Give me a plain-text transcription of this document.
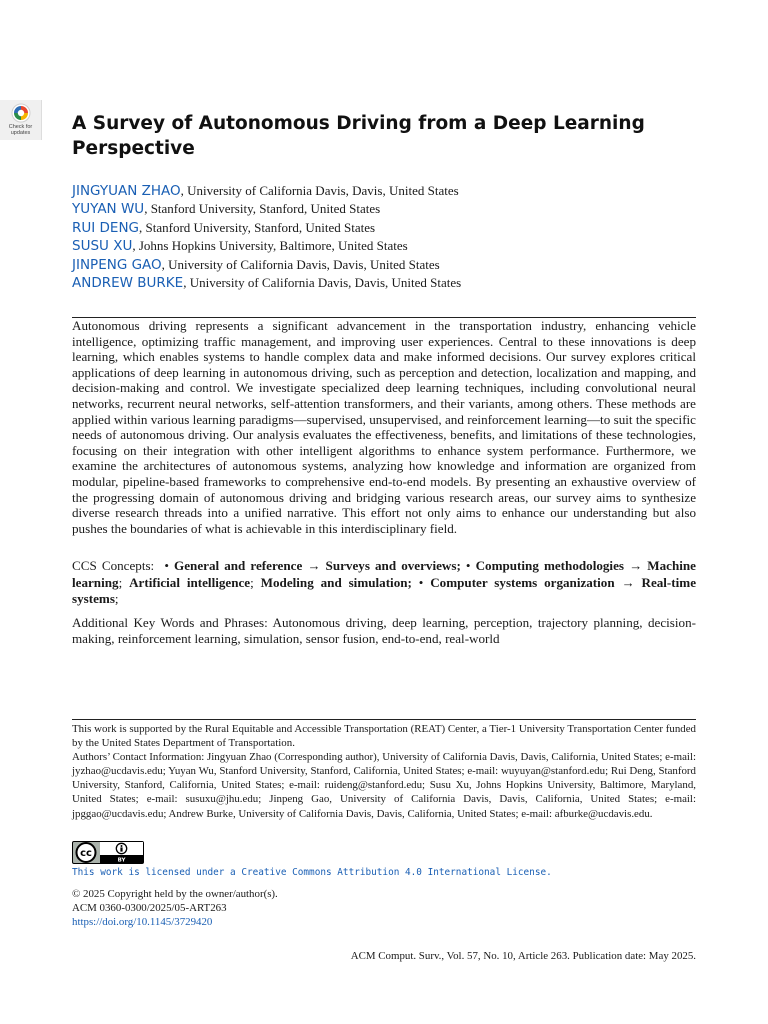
Check for updates	A Survey of Autonomous Driving from a Deep Learning Perspective
JINGYUAN ZHAO, University of California Davis, Davis, United States
YUYAN WU, Stanford University, Stanford, United States
RUI DENG, Stanford University, Stanford, United States
SUSU XU, Johns Hopkins University, Baltimore, United States
JINPENG GAO, University of California Davis, Davis, United States
ANDREW BURKE, University of California Davis, Davis, United States

Autonomous driving represents a significant advancement in the transportation industry, enhancing vehicle intelligence, optimizing traffic management, and improving user experiences. Central to these innovations is deep learning, which enables systems to handle complex data and make informed decisions. Our survey explores critical applications of deep learning in autonomous driving, such as perception and detection, localization and mapping, and decision-making and control. We investigate specialized deep learning techniques, including convolutional neural networks, recurrent neural networks, self-attention transformers, and their variants, among others. These methods are applied within various learning paradigms—supervised, unsupervised, and reinforcement learning—to suit the specific needs of autonomous driving. Our analysis evaluates the effectiveness, benefits, and limitations of these technologies, focusing on their integration with other intelligent algorithms to enhance system performance. Furthermore, we examine the architectures of autonomous systems, analyzing how knowledge and information are organized from modular, pipeline-based frameworks to comprehensive end-to-end models. By presenting an exhaustive overview of the progressing domain of autonomous driving and bridging various research areas, our survey aims to synthesize diverse research threads into a unified narrative. This effort not only aims to enhance our understanding but also pushes the boundaries of what is achievable in this interdisciplinary field.

CCS Concepts:  • General and reference → Surveys and overviews; • Computing methodologies → Machine learning; Artificial intelligence; Modeling and simulation; • Computer systems organization → Real-time systems;

Additional Key Words and Phrases: Autonomous driving, deep learning, perception, trajectory planning, decision-making, reinforcement learning, simulation, sensor fusion, end-to-end, real-world

This work is supported by the Rural Equitable and Accessible Transportation (REAT) Center, a Tier-1 University Transportation Center funded by the United States Department of Transportation.

Authors’ Contact Information: Jingyuan Zhao (Corresponding author), University of California Davis, Davis, California, United States; e-mail: jyzhao@ucdavis.edu; Yuyan Wu, Stanford University, Stanford, California, United States; e-mail: wuyuyan@stanford.edu; Rui Deng, Stanford University, Stanford, California, United States; e-mail: ruideng@stanford.edu; Susu Xu, Johns Hopkins University, Baltimore, Maryland, United States; e-mail: susuxu@jhu.edu; Jinpeng Gao, University of California Davis, Davis, California, United States; e-mail: jpggao@ucdavis.edu; Andrew Burke, University of California Davis, Davis, California, United States; e-mail: afburke@ucdavis.edu.

cc
BY

This work is licensed under a Creative Commons Attribution 4.0 International License.

© 2025 Copyright held by the owner/author(s).

ACM 0360-0300/2025/05-ART263

https://doi.org/10.1145/3729420

ACM Comput. Surv., Vol. 57, No. 10, Article 263. Publication date: May 2025.
